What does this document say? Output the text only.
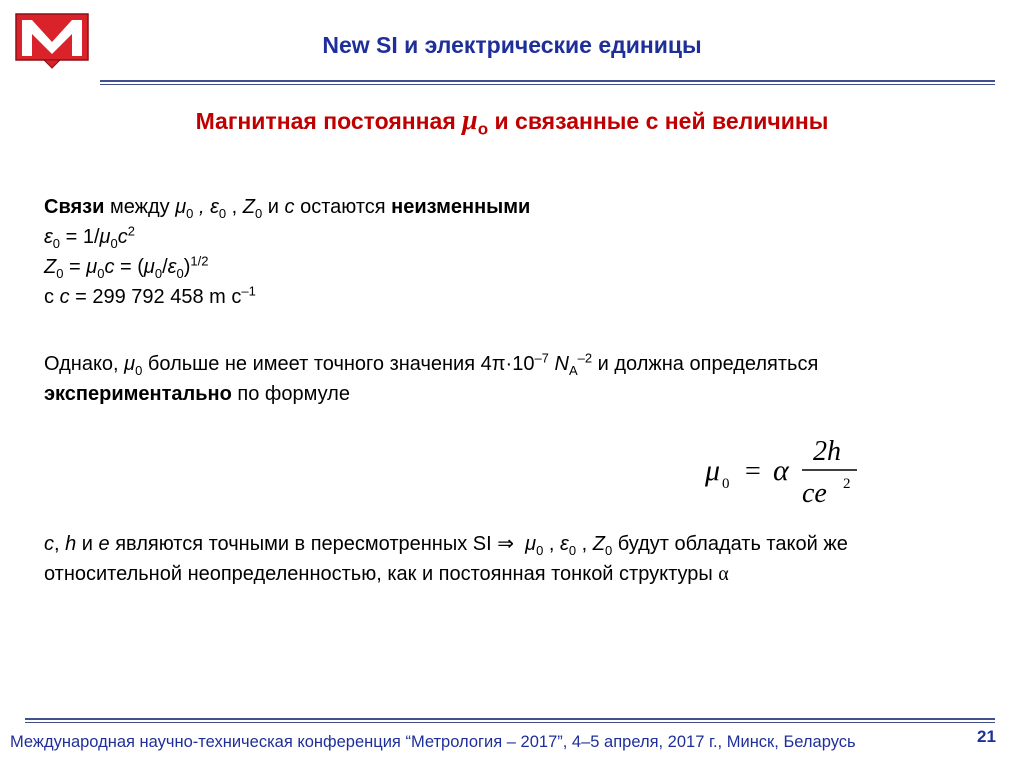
New SI и электрические единицы
Магнитная постоянная $\mu_o$ и связанные с ней величины

Связи между $\mu_0$ , $\varepsilon_0$ , $Z_0$ и c остаются неизменными

$\varepsilon_0 = 1/\mu_0c^2$

$Z_0 = \mu_0c = (\mu_0/\varepsilon_0)^{1/2}$

с c = 299 792 458 m $c^{-1}$

Однако, $\mu_0$ больше не имеет точного значения $4\pi\cdot 10^{-7}$ $N_A^{-2}$ и должна определяться экспериментально по формуле

c, h и e являются точными в пересмотренных SI ⇒ $\mu_0$ , $\varepsilon_0$ , $Z_0$ будут обладать такой же относительной неопределенностью, как и постоянная тонкой структуры α

μ 0 = α
2h
ce 2
Международная научно-техническая конференция “Метрология – 2017”, 4–5 апреля, 2017 г., Минск, Беларусь	21
